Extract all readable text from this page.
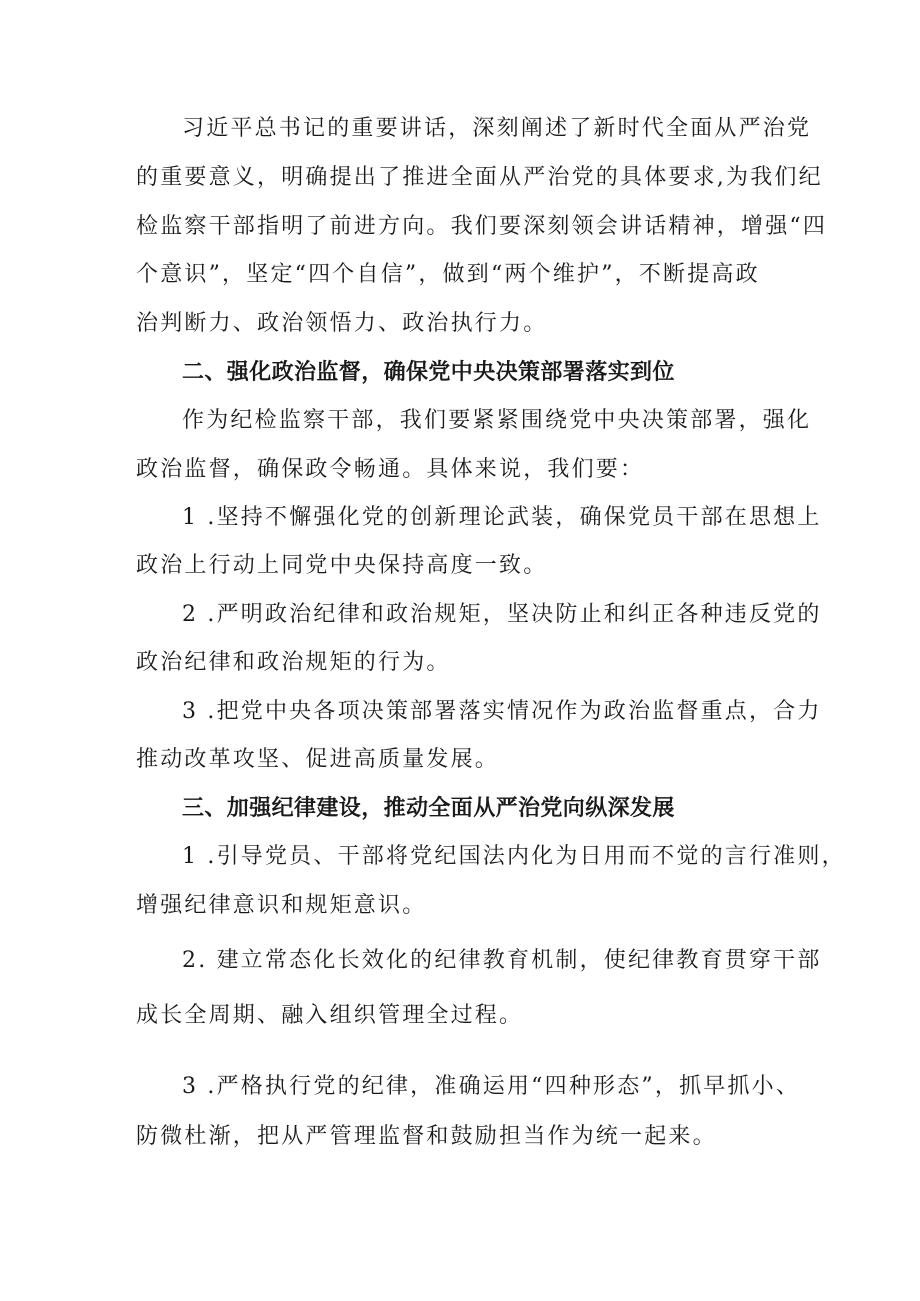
习近平总书记的重要讲话，深刻阐述了新时代全面从严治党
的重要意义，明确提出了推进全面从严治党的具体要求,为我们纪
检监察干部指明了前进方向。我们要深刻领会讲话精神，增强“四
个意识”，坚定“四个自信”，做到“两个维护”，不断提高政
治判断力、政治领悟力、政治执行力。
二、强化政治监督，确保党中央决策部署落实到位
作为纪检监察干部，我们要紧紧围绕党中央决策部署，强化
政治监督，确保政令畅通。具体来说，我们要：
1 .坚持不懈强化党的创新理论武装，确保党员干部在思想上
政治上行动上同党中央保持高度一致。
2 .严明政治纪律和政治规矩，坚决防止和纠正各种违反党的
政治纪律和政治规矩的行为。
3 .把党中央各项决策部署落实情况作为政治监督重点，合力
推动改革攻坚、促进高质量发展。
三、加强纪律建设，推动全面从严治党向纵深发展
1 .引导党员、干部将党纪国法内化为日用而不觉的言行准则，
增强纪律意识和规矩意识。
2. 建立常态化长效化的纪律教育机制，使纪律教育贯穿干部
成长全周期、融入组织管理全过程。
3 .严格执行党的纪律，准确运用“四种形态”，抓早抓小、
防微杜渐，把从严管理监督和鼓励担当作为统一起来。
